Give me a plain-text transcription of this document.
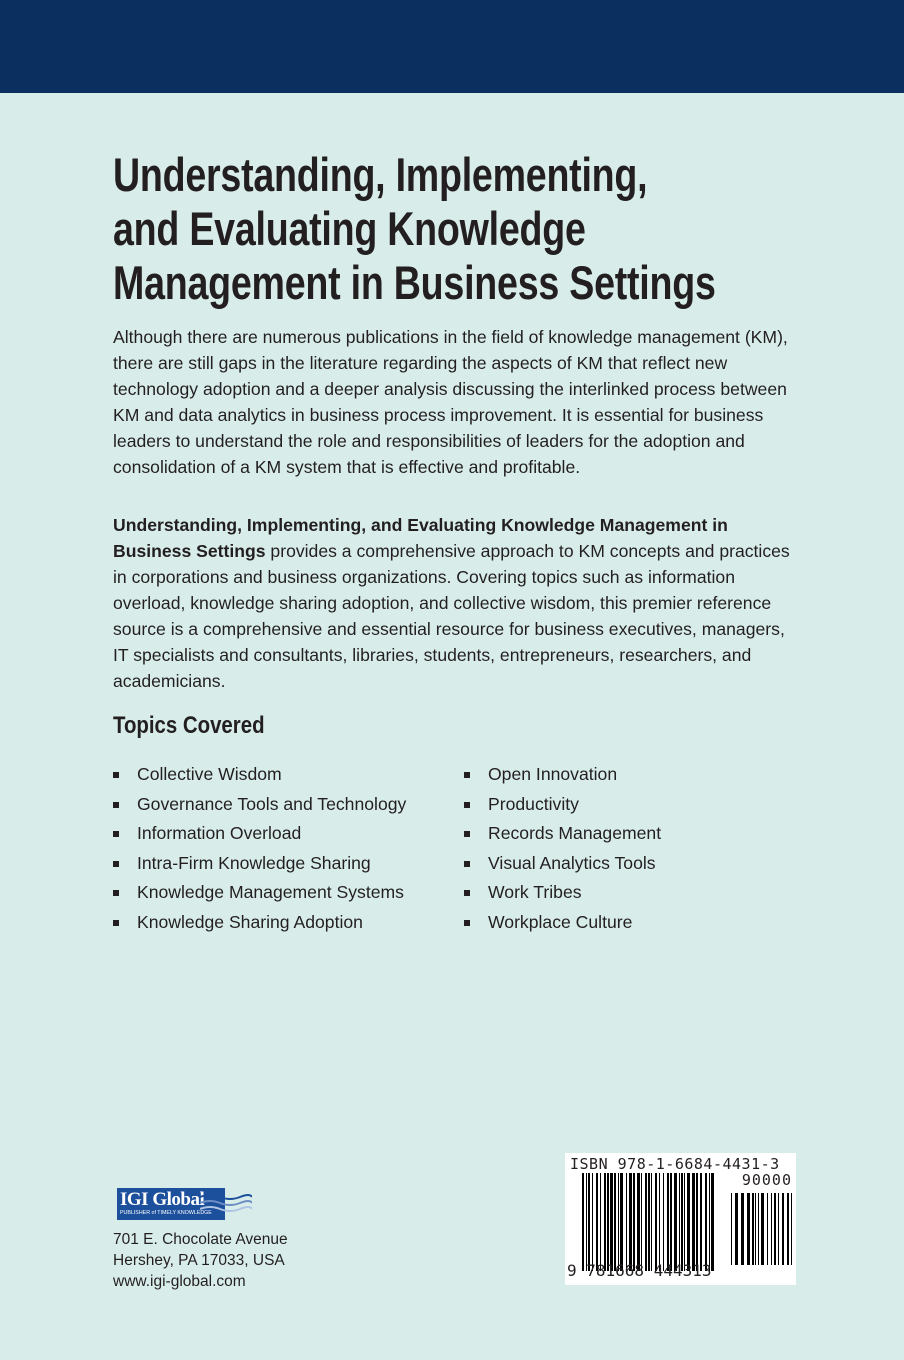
Understanding, Implementing,
and Evaluating Knowledge
Management in Business Settings

Although there are numerous publications in the field of knowledge management (KM), there are still gaps in the literature regarding the aspects of KM that reflect new technology adoption and a deeper analysis discussing the interlinked process between KM and data analytics in business process improvement. It is essential for business leaders to understand the role and responsibilities of leaders for the adoption and consolidation of a KM system that is effective and profitable.

Understanding, Implementing, and Evaluating Knowledge Management in Business Settings provides a comprehensive approach to KM concepts and practices in corporations and business organizations. Covering topics such as information overload, knowledge sharing adoption, and collective wisdom, this premier reference source is a comprehensive and essential resource for business executives, managers, IT specialists and consultants, libraries, students, entrepreneurs, researchers, and academicians.

Topics Covered
Collective Wisdom
Governance Tools and Technology
Information Overload
Intra-Firm Knowledge Sharing
Knowledge Management Systems
Knowledge Sharing Adoption
Open Innovation
Productivity
Records Management
Visual Analytics Tools
Work Tribes
Workplace Culture
IGI Global
PUBLISHER of TIMELY KNOWLEDGE
701 E. Chocolate Avenue
Hershey, PA 17033, USA
www.igi-global.com
ISBN 978-1-6684-4431-3
90000
9 781668 444313
